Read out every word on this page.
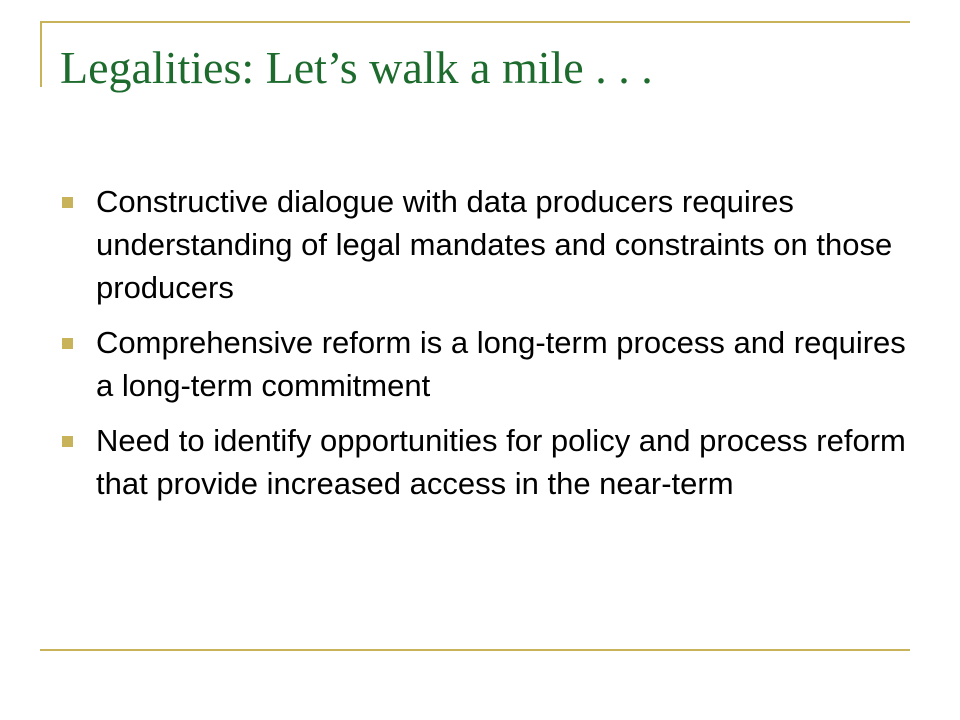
Legalities: Let’s walk a mile . . .
Constructive dialogue with data producers requires understanding of legal mandates and constraints on those producers
Comprehensive reform is a long-term process and requires a long-term commitment
Need to identify opportunities for policy and process reform that provide increased access in the near-term
